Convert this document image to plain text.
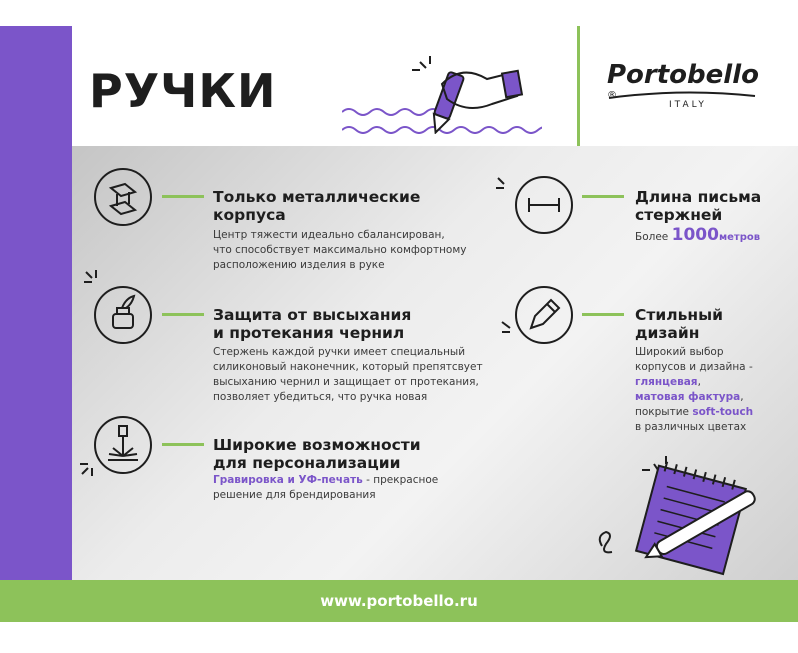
РУЧКИ	Portobello®
ITALY
Только металлические
корпуса
Центр тяжести идеально сбалансирован,
что способствует максимально комфортному
расположению изделия в руке
Защита от высыхания
и протекания чернил
Стержень каждой ручки имеет специальный
силиконовый наконечник, который препятсвует
высыханию чернил и защищает от протекания,
позволяет убедиться, что ручка новая
Широкие возможности
для персонализации
Гравировка и УФ-печать - прекрасное
решение для брендирования
Длина письма
стержней
Более 1000метров
Стильный
дизайн
Широкий выбор
корпусов и дизайна -
глянцевая,
матовая фактура,
покрытие soft-touch
в различных цветах
www.portobello.ru
